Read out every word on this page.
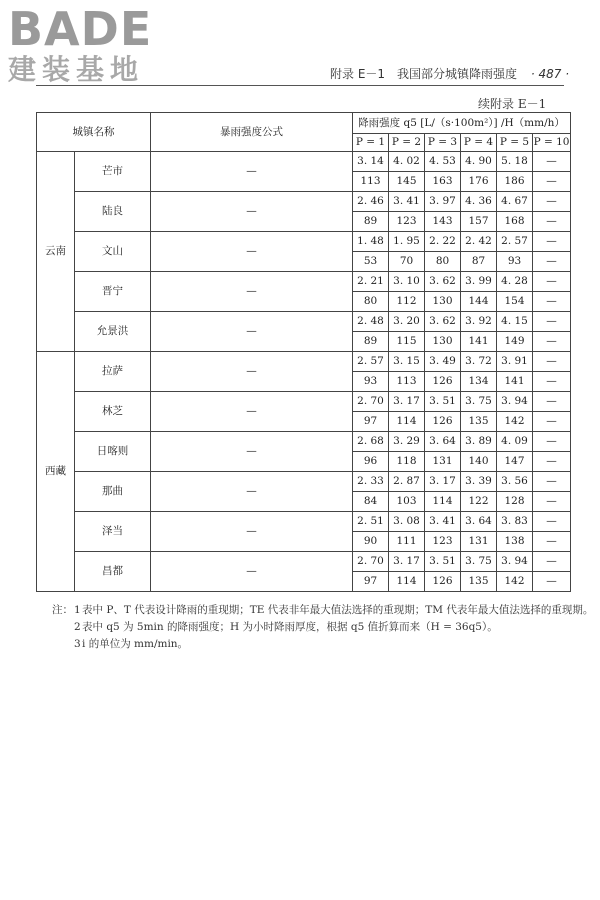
BADE
建装基地	附录 E－1　我国部分城镇降雨强度 · 487 ·
续附录 E－1
城镇名称		暴雨强度公式	降雨强度 q5 [L/（s·100m²）] /H（mm/h）					
			P = 1	P = 2	P = 3	P = 4	P = 5	P = 10
云南	芒市	—	3. 14	4. 02	4. 53	4. 90	5. 18	—
			113	145	163	176	186	—
	陆良	—	2. 46	3. 41	3. 97	4. 36	4. 67	—
			89	123	143	157	168	—
	文山	—	1. 48	1. 95	2. 22	2. 42	2. 57	—
			53	70	80	87	93	—
	晋宁	—	2. 21	3. 10	3. 62	3. 99	4. 28	—
			80	112	130	144	154	—
	允景洪	—	2. 48	3. 20	3. 62	3. 92	4. 15	—
			89	115	130	141	149	—
西藏	拉萨	—	2. 57	3. 15	3. 49	3. 72	3. 91	—
			93	113	126	134	141	—
	林芝	—	2. 70	3. 17	3. 51	3. 75	3. 94	—
			97	114	126	135	142	—
	日喀则	—	2. 68	3. 29	3. 64	3. 89	4. 09	—
			96	118	131	140	147	—
	那曲	—	2. 33	2. 87	3. 17	3. 39	3. 56	—
			84	103	114	122	128	—
	泽当	—	2. 51	3. 08	3. 41	3. 64	3. 83	—
			90	111	123	131	138	—
	昌都	—	2. 70	3. 17	3. 51	3. 75	3. 94	—
			97	114	126	135	142	—
注： 1 表中 P、T 代表设计降雨的重现期；TE 代表非年最大值法选择的重现期；TM 代表年最大值法选择的重现期。
2 表中 q5 为 5min 的降雨强度；H 为小时降雨厚度，根据 q5 值折算而来（H = 36q5）。
3 i 的单位为 mm/min。
